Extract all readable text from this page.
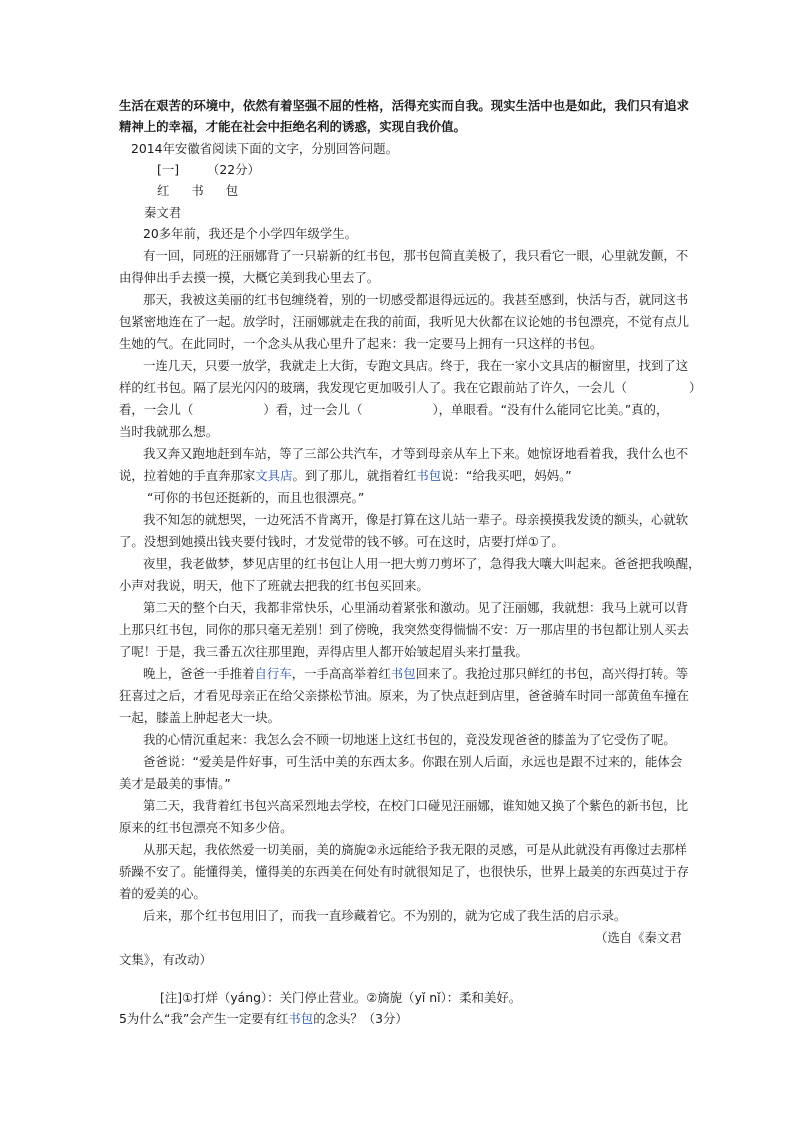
生活在艰苦的环境中，依然有着坚强不屈的性格，活得充实而自我。现实生活中也是如此，我们只有追求
精神上的幸福，才能在社会中拒绝名利的诱惑，实现自我价值。
2014年安徽省阅读下面的文字，分别回答问题。
[一] （22分）
红 书 包
秦文君
20多年前，我还是个小学四年级学生。
有一回，同班的汪丽娜背了一只崭新的红书包，那书包简直美极了，我只看它一眼，心里就发颤，不
由得伸出手去摸一摸，大概它美到我心里去了。
那天，我被这美丽的红书包缠绕着，别的一切感受都退得远远的。我甚至感到，快活与否，就同这书
包紧密地连在了一起。放学时，汪丽娜就走在我的前面，我听见大伙都在议论她的书包漂亮，不觉有点儿
生她的气。在此同时，一个念头从我心里升了起来：我一定要马上拥有一只这样的书包。
一连几天，只要一放学，我就走上大街，专跑文具店。终于，我在一家小文具店的橱窗里，找到了这
样的红书包。隔了层光闪闪的玻璃，我发现它更加吸引人了。我在它跟前站了许久，一会儿（	）
看，一会儿（	）看，过一会儿（	），单眼看。“没有什么能同它比美。”真的，
当时我就那么想。
我又奔又跑地赶到车站，等了三部公共汽车，才等到母亲从车上下来。她惊讶地看着我，我什么也不
说，拉着她的手直奔那家文具店。到了那儿，就指着红书包说：“给我买吧，妈妈。”
“可你的书包还挺新的，而且也很漂亮。”
我不知怎的就想哭，一边死活不肯离开，像是打算在这儿站一辈子。母亲摸摸我发烫的额头，心就软
了。没想到她摸出钱夹要付钱时，才发觉带的钱不够。可在这时，店要打烊①了。
夜里，我老做梦，梦见店里的红书包让人用一把大剪刀剪坏了，急得我大嚷大叫起来。爸爸把我唤醒，
小声对我说，明天，他下了班就去把我的红书包买回来。
第二天的整个白天，我都非常快乐，心里涌动着紧张和激动。见了汪丽娜，我就想：我马上就可以背
上那只红书包，同你的那只毫无差别！到了傍晚，我突然变得惴惴不安：万一那店里的书包都让别人买去
了呢！于是，我三番五次往那里跑，弄得店里人都开始皱起眉头来打量我。
晚上，爸爸一手推着自行车，一手高高举着红书包回来了。我抢过那只鲜红的书包，高兴得打转。等
狂喜过之后，才看见母亲正在给父亲搽松节油。原来，为了快点赶到店里，爸爸骑车时同一部黄鱼车撞在
一起，膝盖上肿起老大一块。
我的心情沉重起来：我怎么会不顾一切地迷上这红书包的，竟没发现爸爸的膝盖为了它受伤了呢。
爸爸说：“爱美是件好事，可生活中美的东西太多。你跟在别人后面，永远也是跟不过来的，能体会
美才是最美的事情。”
第二天，我背着红书包兴高采烈地去学校，在校门口碰见汪丽娜，谁知她又换了个紫色的新书包，比
原来的红书包漂亮不知多少倍。
从那天起，我依然爱一切美丽，美的旖旎②永远能给予我无限的灵感，可是从此就没有再像过去那样
骄躁不安了。能懂得美，懂得美的东西美在何处有时就很知足了，也很快乐，世界上最美的东西莫过于存
着的爱美的心。
后来，那个红书包用旧了，而我一直珍藏着它。不为别的，就为它成了我生活的启示录。
（选自《秦文君
文集》，有改动）
[注]①打烊（yáng）：关门停止营业。②旖旎（yǐ nǐ）：柔和美好。
5为什么“我”会产生一定要有红书包的念头？（3分）
